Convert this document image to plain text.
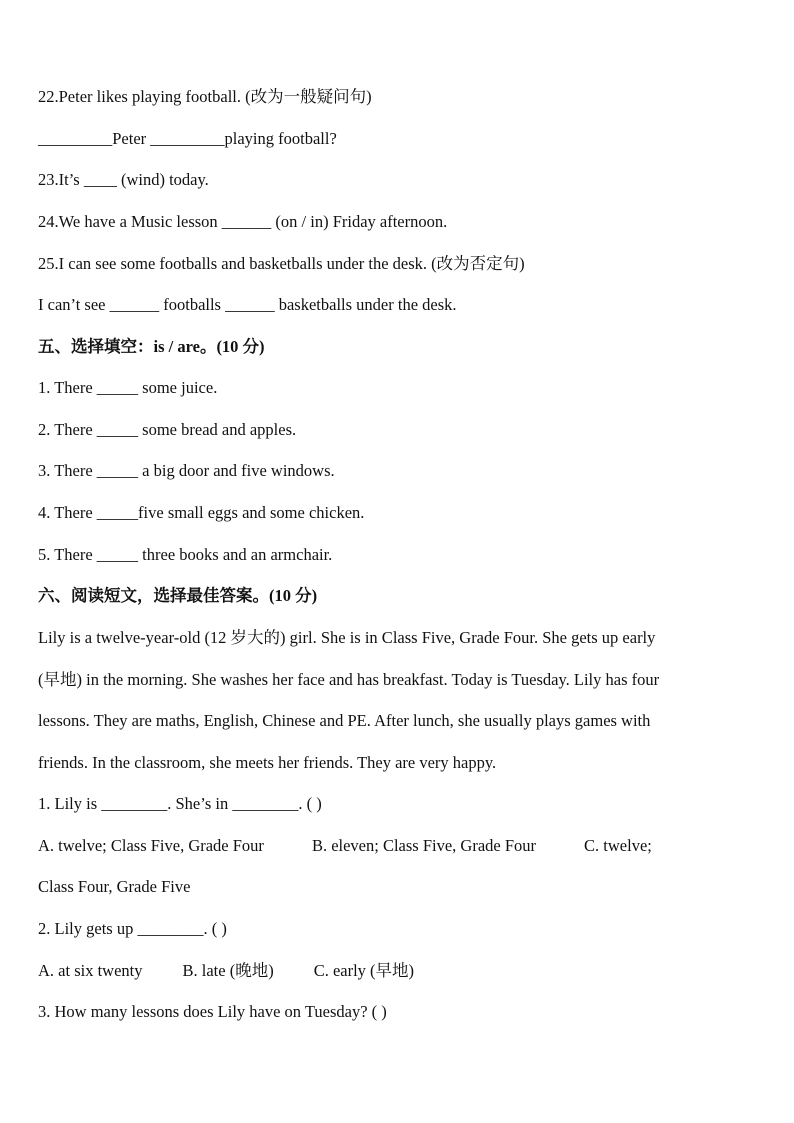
22.Peter likes playing football. (改为一般疑问句)
_________Peter _________playing football?
23.It’s ____ (wind) today.
24.We have a Music lesson ______ (on / in) Friday afternoon.
25.I can see some footballs and basketballs under the desk. (改为否定句)
I can’t see ______ footballs ______ basketballs under the desk.
五、选择填空：is / are。(10 分)
1. There _____ some juice.
2. There _____ some bread and apples.
3. There _____ a big door and five windows.
4. There _____five small eggs and some chicken.
5. There _____ three books and an armchair.
六、阅读短文，选择最佳答案。(10 分)
Lily is a twelve-year-old (12 岁大的) girl. She is in Class Five, Grade Four. She gets up early
(早地) in the morning. She washes her face and has breakfast. Today is Tuesday. Lily has four
lessons. They are maths, English, Chinese and PE. After lunch, she usually plays games with
friends. In the classroom, she meets her friends. They are very happy.
1. Lily is ________. She’s in ________. ( )
A. twelve; Class Five, Grade Four	B. eleven; Class Five, Grade Four	C. twelve;
Class Four, Grade Five
2. Lily gets up ________. ( )
A. at six twenty B. late (晚地) C. early (早地)
3. How many lessons does Lily have on Tuesday? ( )
